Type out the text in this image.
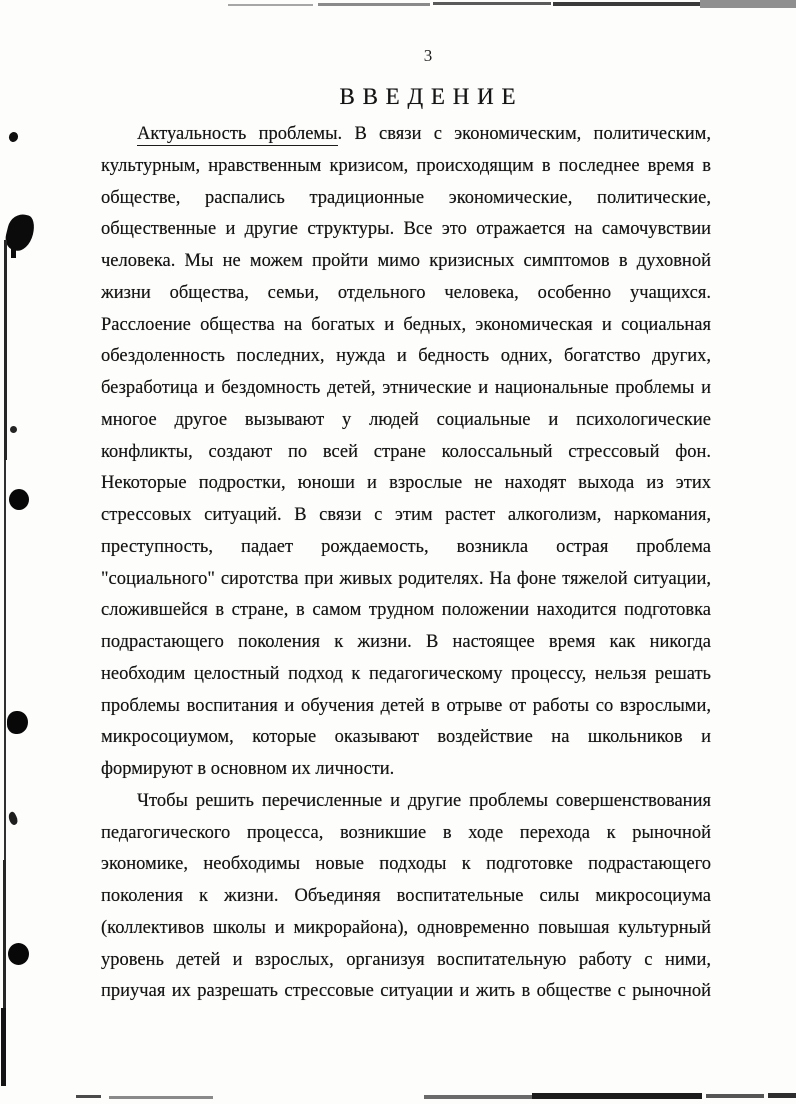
3
В В Е Д Е Н И Е
Актуальность проблемы. В связи с экономическим, политическим,
культурным, нравственным кризисом, происходящим в последнее время в
обществе, распались традиционные экономические, политические,
общественные и другие структуры. Все это отражается на самочувствии
человека. Мы не можем пройти мимо кризисных симптомов в духовной
жизни общества, семьи, отдельного человека, особенно учащихся.
Расслоение общества на богатых и бедных, экономическая и социальная
обездоленность последних, нужда и бедность одних, богатство других,
безработица и бездомность детей, этнические и национальные проблемы и
многое другое вызывают у людей социальные и психологические
конфликты, создают по всей стране колоссальный стрессовый фон.
Некоторые подростки, юноши и взрослые не находят выхода из этих
стрессовых ситуаций. В связи с этим растет алкоголизм, наркомания,
преступность, падает рождаемость, возникла острая проблема
"социального" сиротства при живых родителях. На фоне тяжелой ситуации,
сложившейся в стране, в самом трудном положении находится подготовка
подрастающего поколения к жизни. В настоящее время как никогда
необходим целостный подход к педагогическому процессу, нельзя решать
проблемы воспитания и обучения детей в отрыве от работы со взрослыми,
микросоциумом, которые оказывают воздействие на школьников и
формируют в основном их личности.
Чтобы решить перечисленные и другие проблемы совершенствования
педагогического процесса, возникшие в ходе перехода к рыночной
экономике, необходимы новые подходы к подготовке подрастающего
поколения к жизни. Объединяя воспитательные силы микросоциума
(коллективов школы и микрорайона), одновременно повышая культурный
уровень детей и взрослых, организуя воспитательную работу с ними,
приучая их разрешать стрессовые ситуации и жить в обществе с рыночной
